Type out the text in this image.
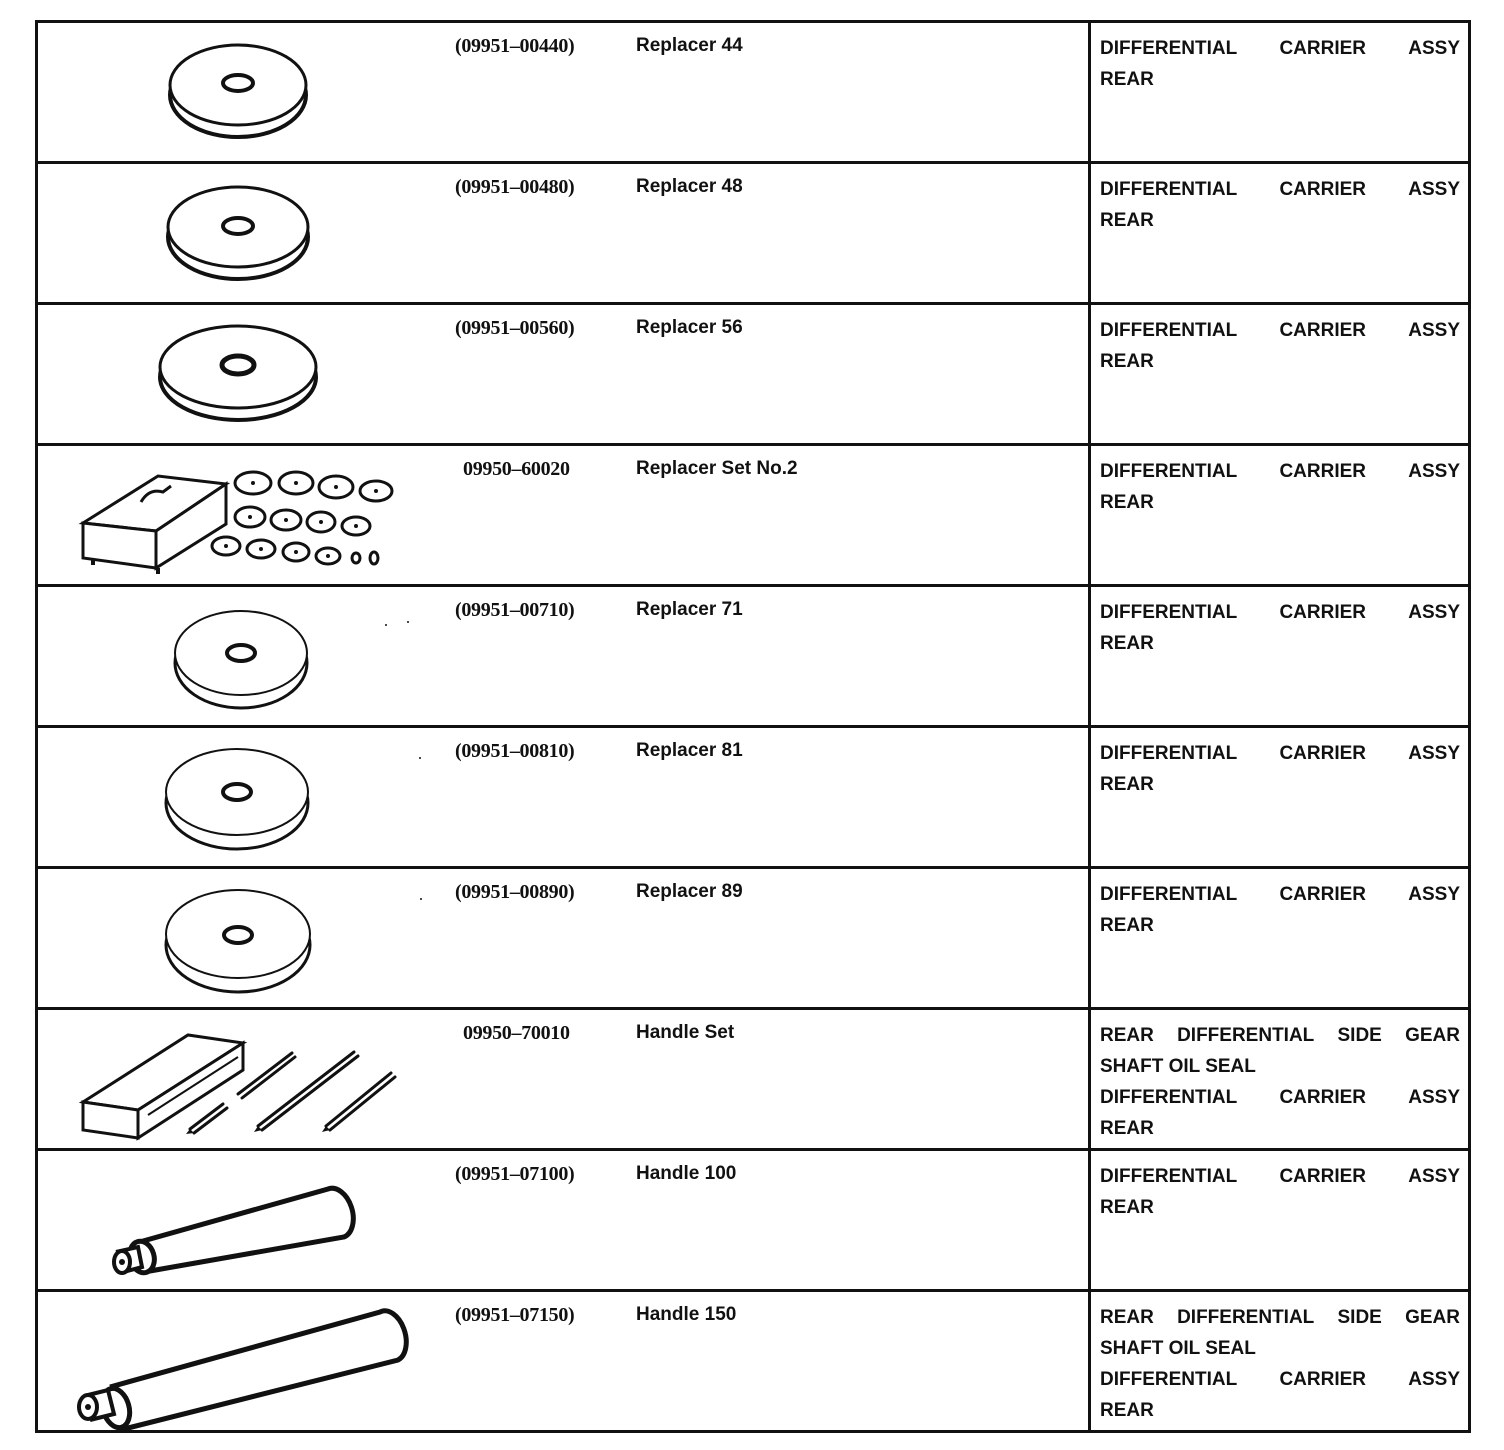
(09951–00440)	Replacer 44	DIFFERENTIAL CARRIER ASSY
REAR
(09951–00480)	Replacer 48	DIFFERENTIAL CARRIER ASSY
REAR
(09951–00560)	Replacer 56	DIFFERENTIAL CARRIER ASSY
REAR
09950–60020	Replacer Set No.2	DIFFERENTIAL CARRIER ASSY
REAR
(09951–00710)	Replacer 71	DIFFERENTIAL CARRIER ASSY
REAR
(09951–00810)	Replacer 81	DIFFERENTIAL CARRIER ASSY
REAR
(09951–00890)	Replacer 89	DIFFERENTIAL CARRIER ASSY
REAR
09950–70010	Handle Set	REAR DIFFERENTIAL SIDE GEAR
SHAFT OIL SEAL
DIFFERENTIAL CARRIER ASSY
REAR
(09951–07100)	Handle 100	DIFFERENTIAL CARRIER ASSY
REAR
(09951–07150)	Handle 150	REAR DIFFERENTIAL SIDE GEAR
SHAFT OIL SEAL
DIFFERENTIAL CARRIER ASSY
REAR
